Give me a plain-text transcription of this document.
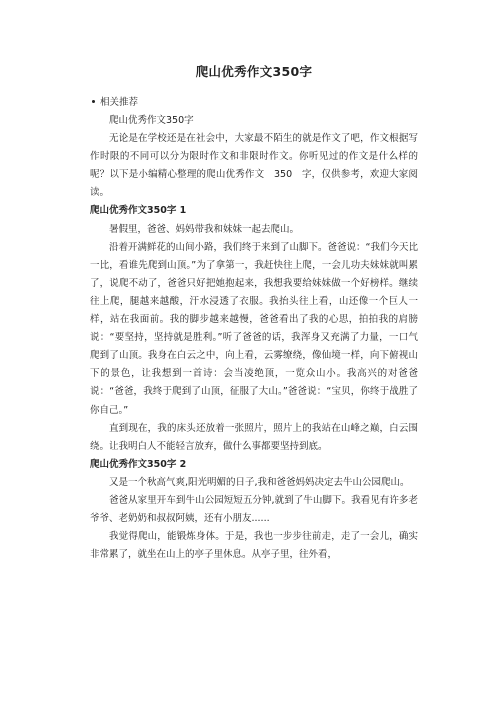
爬山优秀作文350字
相关推荐
爬山优秀作文350字

无论是在学校还是在社会中，大家最不陌生的就是作文了吧，作文根据写作时限的不同可以分为限时作文和非限时作文。你听见过的作文是什么样的呢？以下是小编精心整理的爬山优秀作文　350　字，仅供参考，欢迎大家阅读。

爬山优秀作文350字 1

暑假里，爸爸、妈妈带我和妹妹一起去爬山。

沿着开满鲜花的山间小路，我们终于来到了山脚下。爸爸说：“我们今天比一比，看谁先爬到山顶。”为了拿第一，我赶快往上爬，一会儿功夫妹妹就叫累了，说爬不动了，爸爸只好把她抱起来，我想我要给妹妹做一个好榜样。继续往上爬，腿越来越酸，汗水浸透了衣服。我抬头往上看，山还像一个巨人一样，站在我面前。我的脚步越来越慢，爸爸看出了我的心思，拍拍我的肩膀说：“要坚持，坚持就是胜利。”听了爸爸的话，我浑身又充满了力量，一口气爬到了山顶。我身在白云之中，向上看，云雾缭绕，像仙境一样，向下俯视山下的景色，让我想到一首诗：会当凌绝顶，一览众山小。我高兴的对爸爸说：“爸爸，我终于爬到了山顶，征服了大山。”爸爸说：“宝贝，你终于战胜了你自己。”

直到现在，我的床头还放着一张照片，照片上的我站在山峰之巅，白云围绕。让我明白人不能轻言放弃，做什么事都要坚持到底。

爬山优秀作文350字 2

又是一个秋高气爽,阳光明媚的日子,我和爸爸妈妈决定去牛山公园爬山。

爸爸从家里开车到牛山公园短短五分钟,就到了牛山脚下。我看见有许多老爷爷、老奶奶和叔叔阿姨，还有小朋友......

我觉得爬山，能锻炼身体。于是，我也一步步往前走，走了一会儿，确实非常累了，就坐在山上的亭子里休息。从亭子里，往外看，
